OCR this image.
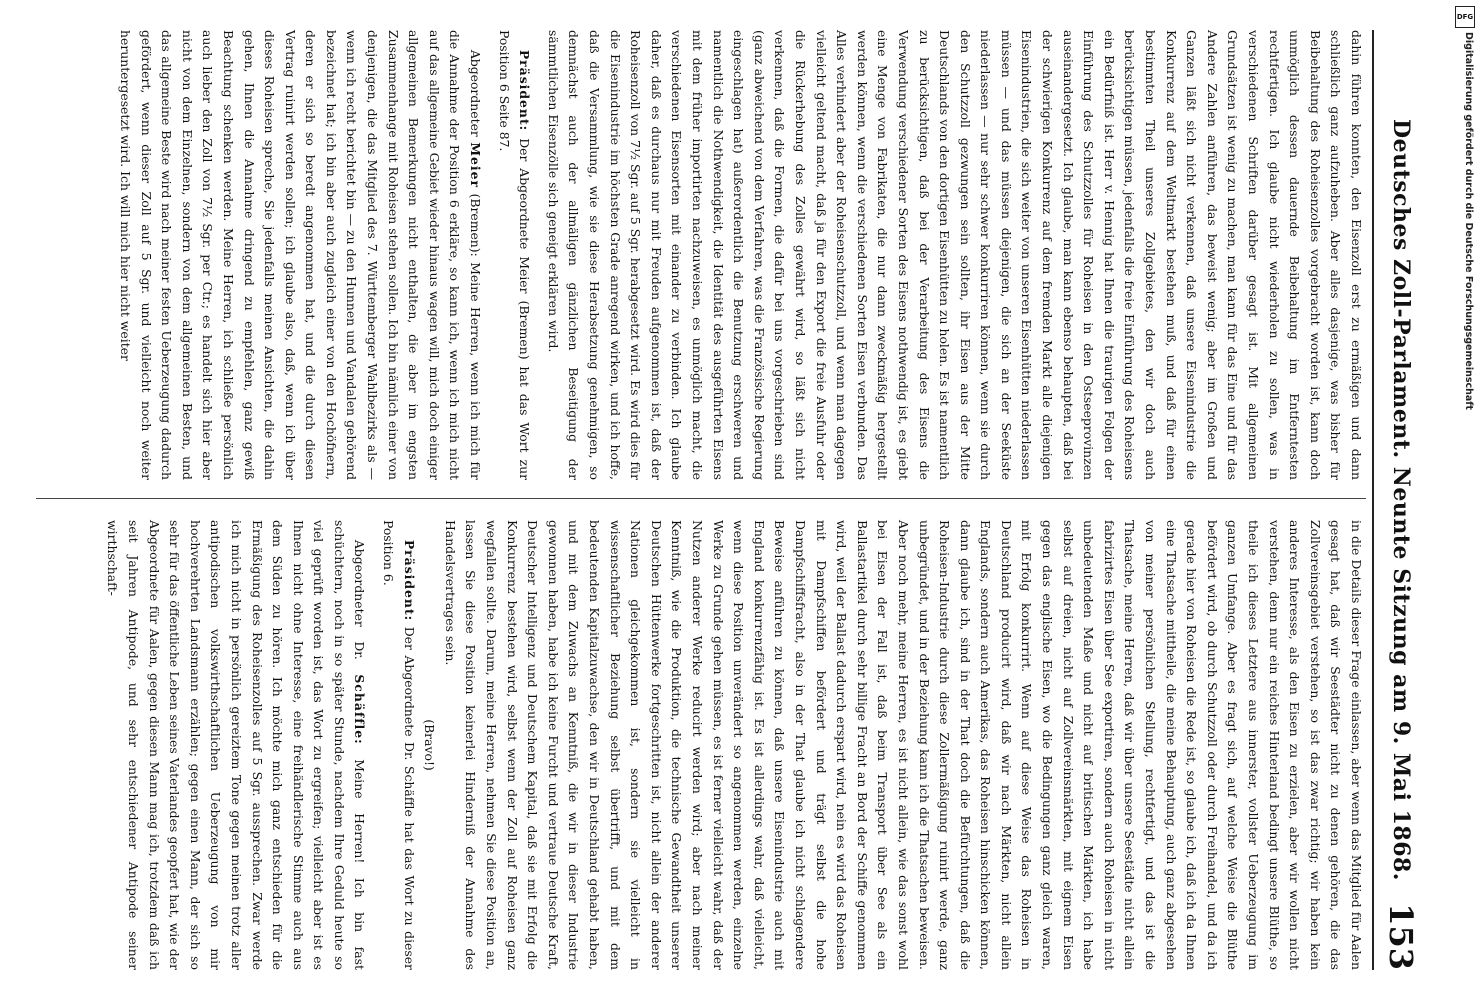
Deutsches Zoll-Parlament. Neunte Sitzung am 9. Mai 1868.
153

dahin führen konnten, den Eisenzoll erst zu ermäßigen und dann schließlich ganz aufzuheben. Aber alles dasjenige, was bisher für Beibehaltung des Roheisenzolles vorgebracht worden ist, kann doch unmöglich dessen dauernde Beibehaltung im Entferntesten rechtfertigen. Ich glaube nicht wiederholen zu sollen, was in verschiedenen Schriften darüber gesagt ist. Mit allgemeinen Grundsätzen ist wenig zu machen, man kann für das Eine und für das Andere Zahlen anführen, das beweist wenig; aber im Großen und Ganzen läßt sich nicht verkennen, daß unsere Eisenindustrie die Konkurrenz auf dem Weltmarkt bestehen muß, und daß für einen bestimmten Theil unseres Zollgebietes, den wir doch auch berücksichtigen müssen, jedenfalls die freie Einführung des Roheisens ein Bedürfniß ist. Herr v. Hennig hat Ihnen die traurigen Folgen der Einführung des Schutzzolles für Roheisen in den Ostseeprovinzen auseinandergesetzt. Ich glaube, man kann ebenso behaupten, daß bei der schwierigen Konkurrenz auf dem fremden Markt alle diejenigen Eisenindustrien, die sich weiter von unseren Eisenhütten niederlassen müssen — und das müssen diejenigen, die sich an der Seeküste niederlassen — nur sehr schwer konkurriren können, wenn sie durch den Schutzzoll gezwungen sein sollten, ihr Eisen aus der Mitte Deutschlands von den dortigen Eisenhütten zu holen. Es ist namentlich zu berücksichtigen, daß bei der Verarbeitung des Eisens die Verwendung verschiedener Sorten des Eisens nothwendig ist, es giebt eine Menge von Fabrikaten, die nur dann zweckmäßig hergestellt werden können, wenn die verschiedenen Sorten Eisen verbunden. Das Alles verhindert aber der Roheisenschutzzoll, und wenn man dagegen vielleicht geltend macht, daß ja für den Export die freie Ausfuhr oder die Rückerhebung des Zolles gewährt wird, so läßt sich nicht verkennen, daß die Formen, die dafür bei uns vorgeschrieben sind (ganz abweichend von dem Verfahren, was die Französische Regierung eingeschlagen hat) außerordentlich die Benutzung erschweren und namentlich die Nothwendigkeit, die Identität des ausgeführten Eisens mit dem früher importirten nachzuweisen, es unmöglich macht, die verschiedenen Eisensorten mit einander zu verbinden. Ich glaube daher, daß es durchaus nur mit Freuden aufgenommen ist, daß der Roheisenzoll von 7½ Sgr. auf 5 Sgr. herabgesetzt wird. Es wird dies für die Eisenindustrie im höchsten Grade anregend wirken, und ich hoffe, daß die Versammlung, wie sie diese Herabsetzung genehmigen, so demnächst auch der allmäligen gänzlichen Beseitigung der sämmtlichen Eisenzölle sich geneigt erklären wird.

Präsident: Der Abgeordnete Meier (Bremen) hat das Wort zur Position 6 Seite 87.

Abgeordneter Meier (Bremen): Meine Herren, wenn ich mich für die Annahme der Position 6 erkläre, so kann ich, wenn ich mich nicht auf das allgemeine Gebiet wieder hinaus wagen will, mich doch einiger allgemeinen Bemerkungen nicht enthalten, die aber im engsten Zusammenhange mit Roheisen stehen sollen. Ich bin nämlich einer von denjenigen, die das Mitglied des 7. Württemberger Wahlbezirks als — wenn ich recht berichtet bin — zu den Hunnen und Vandalen gehörend bezeichnet hat; ich bin aber auch zugleich einer von den Hochöfnern, deren er sich so beredt angenommen hat, und die durch diesen Vertrag ruinirt werden sollen; ich glaube also, daß, wenn ich über dieses Roheisen spreche, Sie jedenfalls meinen Ansichten, die dahin gehen, Ihnen die Annahme dringend zu empfehlen, ganz gewiß Beachtung schenken werden. Meine Herren, ich schließe persönlich auch lieber den Zoll von 7½ Sgr. per Ctr.; es handelt sich hier aber nicht von dem Einzelnen, sondern von dem allgemeinen Besten, und das allgemeine Beste wird nach meiner festen Ueberzeugung dadurch gefördert, wenn dieser Zoll auf 5 Sgr. und vielleicht noch weiter heruntergesetzt wird. Ich will mich hier nicht weiter

in die Details dieser Frage einlassen, aber wenn das Mitglied für Aalen gesagt hat, daß wir Seestädter nicht zu denen gehören, die das Zollvereinsgebiet verstehen, so ist das zwar richtig; wir haben kein anderes Interesse, als den Eisen zu erzielen, aber wir wollen nicht verstehen, denn nur ein reiches Hinterland bedingt unsere Blüthe, so theile ich dieses Letztere aus innerster, vollster Ueberzeugung im ganzen Umfange. Aber es fragt sich, auf welche Weise die Blüthe befördert wird, ob durch Schutzzoll oder durch Freihandel, und da ich gerade hier von Roheisen die Rede ist, so glaube ich, daß ich da Ihnen eine Thatsache mittheile, die meine Behauptung, auch ganz abgesehen von meiner persönlichen Stellung, rechtfertigt, und das ist die Thatsache, meine Herren, daß wir über unsere Seestädte nicht allein fabrizirtes Eisen über See exportiren, sondern auch Roheisen in nicht unbedeutenden Maße und nicht auf britischen Märkten, ich habe selbst auf dreien, nicht auf Zollvereinsmärkten, mit eignem Eisen gegen das englische Eisen, wo die Bedingungen ganz gleich waren, mit Erfolg konkurrirt. Wenn auf diese Weise das Roheisen in Deutschland producirt wird, daß wir nach Märkten, nicht allein Englands, sondern auch Amerikas, das Roheisen hinschicken können, dann glaube ich, sind in der That doch die Befürchtungen, daß die Roheisen-Industrie durch diese Zollermäßigung ruinirt werde, ganz unbegründet, und in der Beziehung kann ich die Thatsachen beweisen. Aber noch mehr, meine Herren, es ist nicht allein, wie das sonst wohl bei Eisen der Fall ist, daß beim Transport über See als ein Ballastartikel durch sehr billige Fracht an Bord der Schiffe genommen wird, weil der Ballast dadurch erspart wird, nein es wird das Roheisen mit Dampfschiffen befördert und trägt selbst die hohe Dampfschiffsfracht, also in der That glaube ich nicht schlagendere Beweise anführen zu können, daß unsere Eisenindustrie auch mit England konkurrenzfähig ist. Es ist allerdings wahr, daß vielleicht, wenn diese Position unverändert so angenommen werden, einzelne Werke zu Grunde gehen müssen, es ist ferner vielleicht wahr, daß der Nutzen anderer Werke reducirt werden wird; aber nach meiner Kenntniß, wie die Produktion, die technische Gewandtheit unserer Deutschen Hüttenwerke fortgeschritten ist, nicht allein der anderer Nationen gleichgekommen ist, sondern sie vielleicht in wissenschaftlicher Beziehung selbst übertrifft, und mit dem bedeutenden Kapitalzuwachse, den wir in Deutschland gehabt haben, und mit dem Zuwachs an Kenntniß, die wir in dieser Industrie gewonnen haben, habe ich keine Furcht und vertraue Deutsche Kraft, Deutscher Intelligenz und Deutschem Kapital, daß sie mit Erfolg die Konkurrenz bestehen wird, selbst wenn der Zoll auf Roheisen ganz wegfallen sollte. Darum, meine Herren, nehmen Sie diese Position an, lassen Sie diese Position keinerlei Hinderniß der Annahme des Handelsvertrages sein.

(Bravo!)

Präsident: Der Abgeordnete Dr. Schäffle hat das Wort zu dieser Position 6.

Abgeordneter Dr. Schäffle: Meine Herren! Ich bin fast schüchtern, noch in so später Stunde, nachdem Ihre Geduld heute so viel geprüft worden ist, das Wort zu ergreifen; vielleicht aber ist es Ihnen nicht ohne Interesse, eine freihändlerische Stimme auch aus dem Süden zu hören. Ich möchte mich ganz entschieden für die Ermäßigung des Roheisenzolles auf 5 Sgr. aussprechen. Zwar werde ich mich nicht in persönlich gereiztem Tone gegen meinen trotz aller antipodischen volkswirthschaftlichen Ueberzeugung von mir hochverehrten Landsmann erzählen; gegen einen Mann, der sich so sehr für das öffentliche Leben seines Vaterlandes geopfert hat, wie der Abgeordnete für Aalen, gegen diesen Mann mag ich, trotzdem daß ich seit Jahren Antipode, und sehr entschiedener Antipode seiner wirthschaft-

DFG
Digitalisierung gefördert durch die Deutsche Forschungsgemeinschaft
